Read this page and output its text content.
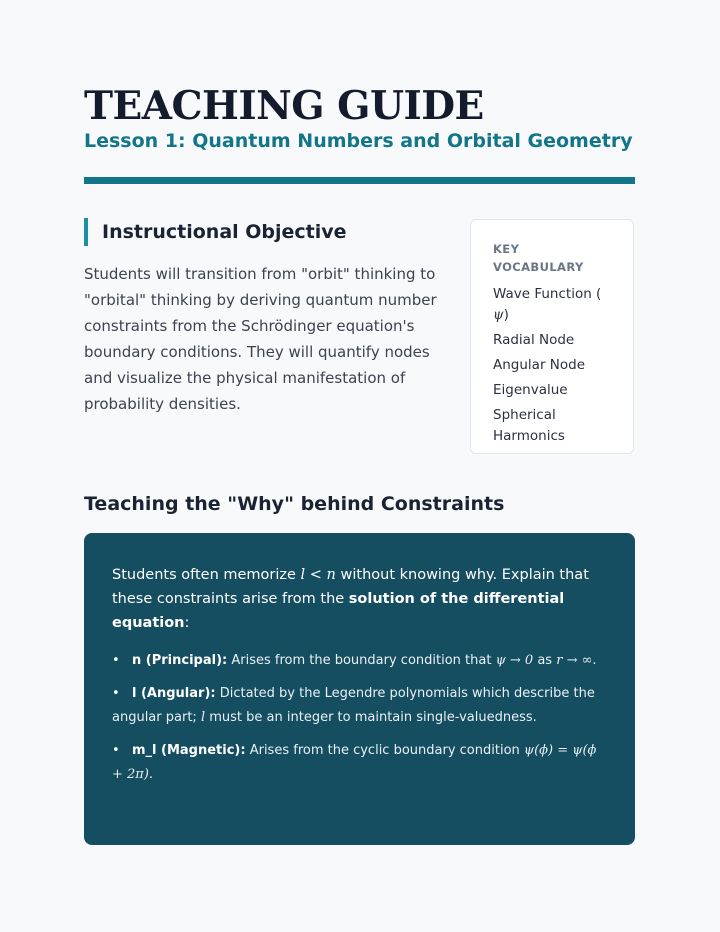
TEACHING GUIDE
Lesson 1: Quantum Numbers and Orbital Geometry
Instructional Objective

Students will transition from "orbit" thinking to "orbital" thinking by deriving quantum number constraints from the Schrödinger equation's boundary conditions. They will quantify nodes and visualize the physical manifestation of probability densities.

KEY VOCABULARY
Wave Function (
ψ)
Radial Node
Angular Node
Eigenvalue
Spherical Harmonics
Teaching the "Why" behind Constraints

Students often memorize l < n without knowing why. Explain that these constraints arise from the solution of the differential equation:

• n (Principal): Arises from the boundary condition that ψ → 0 as r → ∞.
• l (Angular): Dictated by the Legendre polynomials which describe the angular part; l must be an integer to maintain single-valuedness.
• m_l (Magnetic): Arises from the cyclic boundary condition ψ(ϕ) = ψ(ϕ + 2π).
